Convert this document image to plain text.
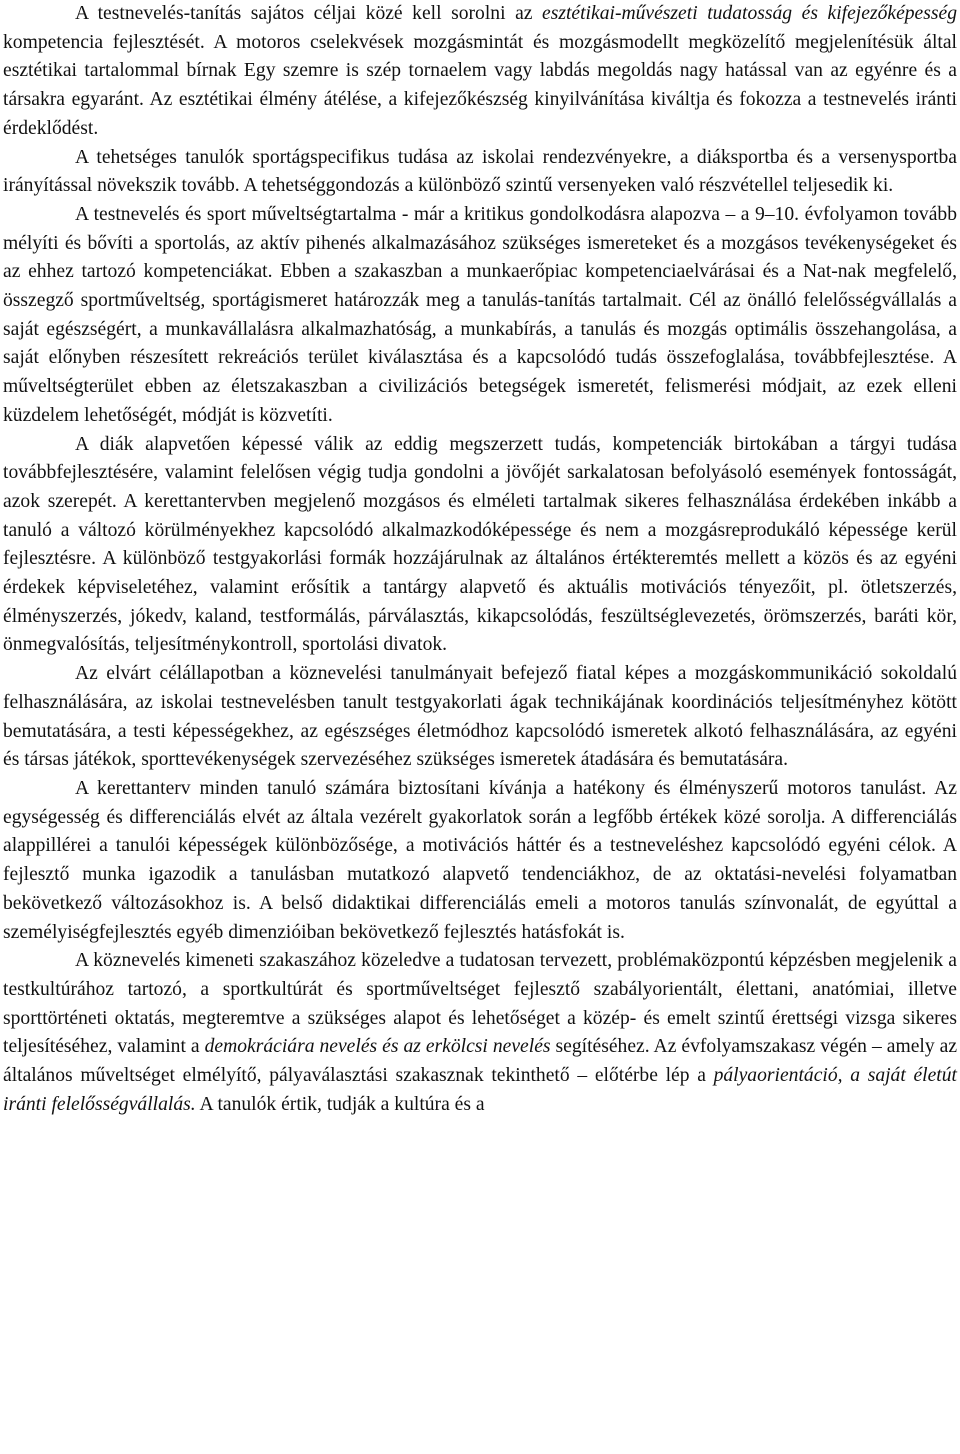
A testnevelés-tanítás sajátos céljai közé kell sorolni az esztétikai-művészeti tudatosság és kifejezőképesség kompetencia fejlesztését. A motoros cselekvések mozgásmintát és mozgásmodellt megközelítő megjelenítésük által esztétikai tartalommal bírnak Egy szemre is szép tornaelem vagy labdás megoldás nagy hatással van az egyénre és a társakra egyaránt. Az esztétikai élmény átélése, a kifejezőkészség kinyilvánítása kiváltja és fokozza a testnevelés iránti érdeklődést.

A tehetséges tanulók sportágspecifikus tudása az iskolai rendezvényekre, a diáksportba és a versenysportba irányítással növekszik tovább. A tehetséggondozás a különböző szintű versenyeken való részvétellel teljesedik ki.

A testnevelés és sport műveltségtartalma - már a kritikus gondolkodásra alapozva – a 9–10. évfolyamon tovább mélyíti és bővíti a sportolás, az aktív pihenés alkalmazásához szükséges ismereteket és a mozgásos tevékenységeket és az ehhez tartozó kompetenciákat. Ebben a szakaszban a munkaerőpiac kompetenciaelvárásai és a Nat-nak megfelelő, összegző sportműveltség, sportágismeret határozzák meg a tanulás-tanítás tartalmait. Cél az önálló felelősségvállalás a saját egészségért, a munkavállalásra alkalmazhatóság, a munkabírás, a tanulás és mozgás optimális összehangolása, a saját előnyben részesített rekreációs terület kiválasztása és a kapcsolódó tudás összefoglalása, továbbfejlesztése. A műveltségterület ebben az életszakaszban a civilizációs betegségek ismeretét, felismerési módjait, az ezek elleni küzdelem lehetőségét, módját is közvetíti.

A diák alapvetően képessé válik az eddig megszerzett tudás, kompetenciák birtokában a tárgyi tudása továbbfejlesztésére, valamint felelősen végig tudja gondolni a jövőjét sarkalatosan befolyásoló események fontosságát, azok szerepét. A kerettantervben megjelenő mozgásos és elméleti tartalmak sikeres felhasználása érdekében inkább a tanuló a változó körülményekhez kapcsolódó alkalmazkodóképessége és nem a mozgásreprodukáló képessége kerül fejlesztésre. A különböző testgyakorlási formák hozzájárulnak az általános értékteremtés mellett a közös és az egyéni érdekek képviseletéhez, valamint erősítik a tantárgy alapvető és aktuális motivációs tényezőit, pl. ötletszerzés, élményszerzés, jókedv, kaland, testformálás, párválasztás, kikapcsolódás, feszültséglevezetés, örömszerzés, baráti kör, önmegvalósítás, teljesítménykontroll, sportolási divatok.

Az elvárt célállapotban a köznevelési tanulmányait befejező fiatal képes a mozgáskommunikáció sokoldalú felhasználására, az iskolai testnevelésben tanult testgyakorlati ágak technikájának koordinációs teljesítményhez kötött bemutatására, a testi képességekhez, az egészséges életmódhoz kapcsolódó ismeretek alkotó felhasználására, az egyéni és társas játékok, sporttevékenységek szervezéséhez szükséges ismeretek átadására és bemutatására.

A kerettanterv minden tanuló számára biztosítani kívánja a hatékony és élményszerű motoros tanulást. Az egységesség és differenciálás elvét az általa vezérelt gyakorlatok során a legfőbb értékek közé sorolja. A differenciálás alappillérei a tanulói képességek különbözősége, a motivációs háttér és a testneveléshez kapcsolódó egyéni célok. A fejlesztő munka igazodik a tanulásban mutatkozó alapvető tendenciákhoz, de az oktatási-nevelési folyamatban bekövetkező változásokhoz is. A belső didaktikai differenciálás emeli a motoros tanulás színvonalát, de egyúttal a személyiségfejlesztés egyéb dimenzióiban bekövetkező fejlesztés hatásfokát is.

A köznevelés kimeneti szakaszához közeledve a tudatosan tervezett, problémaközpontú képzésben megjelenik a testkultúrához tartozó, a sportkultúrát és sportműveltséget fejlesztő szabályorientált, élettani, anatómiai, illetve sporttörténeti oktatás, megteremtve a szükséges alapot és lehetőséget a közép- és emelt szintű érettségi vizsga sikeres teljesítéséhez, valamint a demokráciára nevelés és az erkölcsi nevelés segítéséhez. Az évfolyamszakasz végén – amely az általános műveltséget elmélyítő, pályaválasztási szakasznak tekinthető – előtérbe lép a pályaorientáció, a saját életút iránti felelősségvállalás. A tanulók értik, tudják a kultúra és a
